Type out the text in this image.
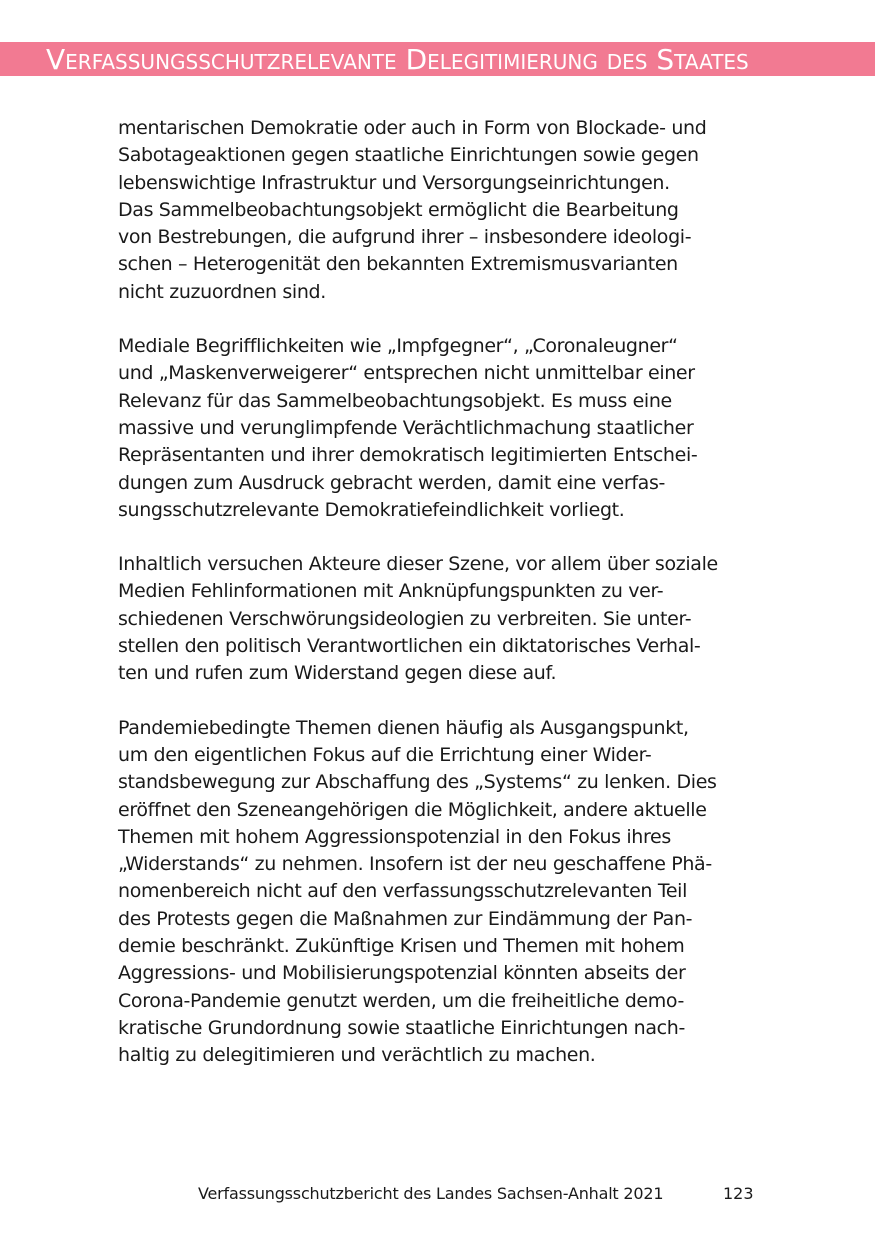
Verfassungsschutzrelevante Delegitimierung des Staates

mentarischen Demokratie oder auch in Form von Blockade- und
Sabotageaktionen gegen staatliche Einrichtungen sowie gegen
lebenswichtige Infrastruktur und Versorgungseinrichtungen.
Das Sammelbeobachtungsobjekt ermöglicht die Bearbeitung
von Bestrebungen, die aufgrund ihrer – insbesondere ideologi-
schen – Heterogenität den bekannten Extremismusvarianten
nicht zuzuordnen sind.

Mediale Begrifflichkeiten wie „Impfgegner“, „Coronaleugner“
und „Maskenverweigerer“ entsprechen nicht unmittelbar einer
Relevanz für das Sammelbeobachtungsobjekt. Es muss eine
massive und verunglimpfende Verächtlichmachung staatlicher
Repräsentanten und ihrer demokratisch legitimierten Entschei-
dungen zum Ausdruck gebracht werden, damit eine verfas-
sungsschutzrelevante Demokratiefeindlichkeit vorliegt.

Inhaltlich versuchen Akteure dieser Szene, vor allem über soziale
Medien Fehlinformationen mit Anknüpfungspunkten zu ver-
schiedenen Verschwörungsideologien zu verbreiten. Sie unter-
stellen den politisch Verantwortlichen ein diktatorisches Verhal-
ten und rufen zum Widerstand gegen diese auf.

Pandemiebedingte Themen dienen häufig als Ausgangspunkt,
um den eigentlichen Fokus auf die Errichtung einer Wider-
standsbewegung zur Abschaffung des „Systems“ zu lenken. Dies
eröffnet den Szeneangehörigen die Möglichkeit, andere aktuelle
Themen mit hohem Aggressionspotenzial in den Fokus ihres
„Widerstands“ zu nehmen. Insofern ist der neu geschaffene Phä-
nomenbereich nicht auf den verfassungsschutzrelevanten Teil
des Protests gegen die Maßnahmen zur Eindämmung der Pan-
demie beschränkt. Zukünftige Krisen und Themen mit hohem
Aggressions- und Mobilisierungspotenzial könnten abseits der
Corona-Pandemie genutzt werden, um die freiheitliche demo-
kratische Grundordnung sowie staatliche Einrichtungen nach-
haltig zu delegitimieren und verächtlich zu machen.

Verfassungsschutzbericht des Landes Sachsen-Anhalt 2021	123
